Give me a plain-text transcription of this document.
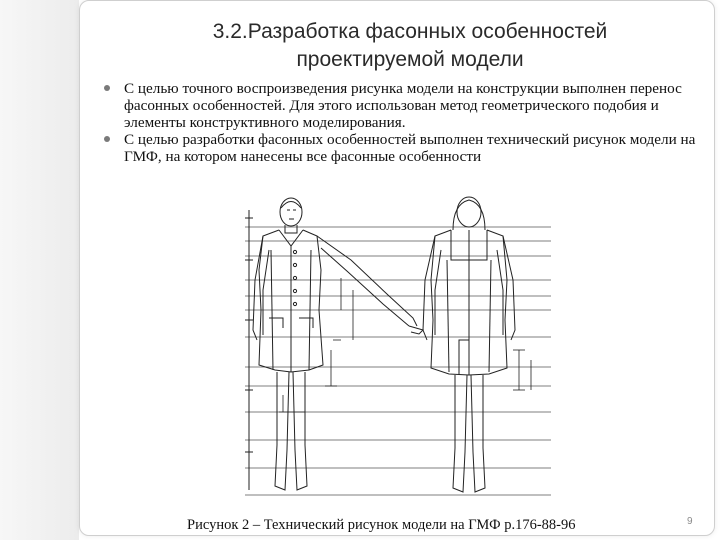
3.2.Разработка фасонных особенностей
проектируемой модели
С целью точного воспроизведения рисунка модели на конструкции выполнен перенос фасонных особенностей. Для этого использован метод геометрического подобия и элементы конструктивного моделирования.
С целью разработки фасонных особенностей выполнен технический рисунок модели на ГМФ, на котором нанесены все фасонные особенности
Рисунок 2 – Технический рисунок модели на ГМФ р.176-88-96	9
